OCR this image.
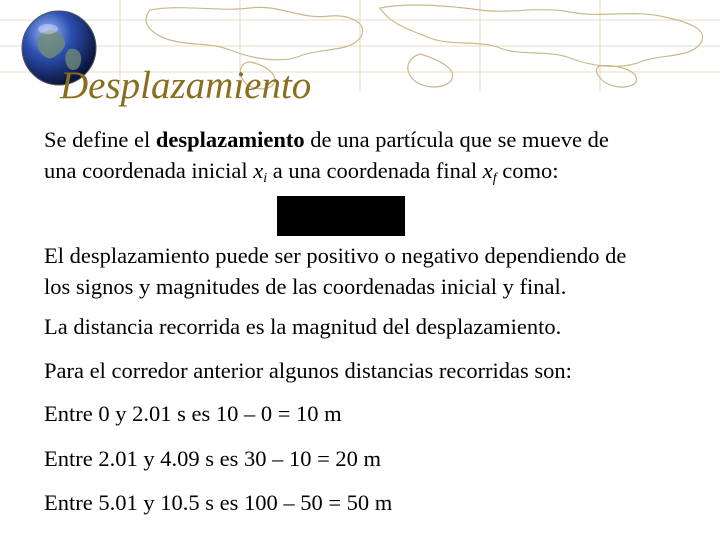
Desplazamiento
Se define el desplazamiento de una partícula que se mueve de
una coordenada inicial $x_i$ a una coordenada final $x_f$ como:
El desplazamiento puede ser positivo o negativo dependiendo de
los signos y magnitudes de las coordenadas inicial y final.
La distancia recorrida es la magnitud del desplazamiento.
Para el corredor anterior algunos distancias recorridas son:
Entre 0 y 2.01 s es 10 – 0 = 10 m
Entre 2.01 y 4.09 s es 30 – 10 = 20 m
Entre 5.01 y 10.5 s es 100 – 50 = 50 m
